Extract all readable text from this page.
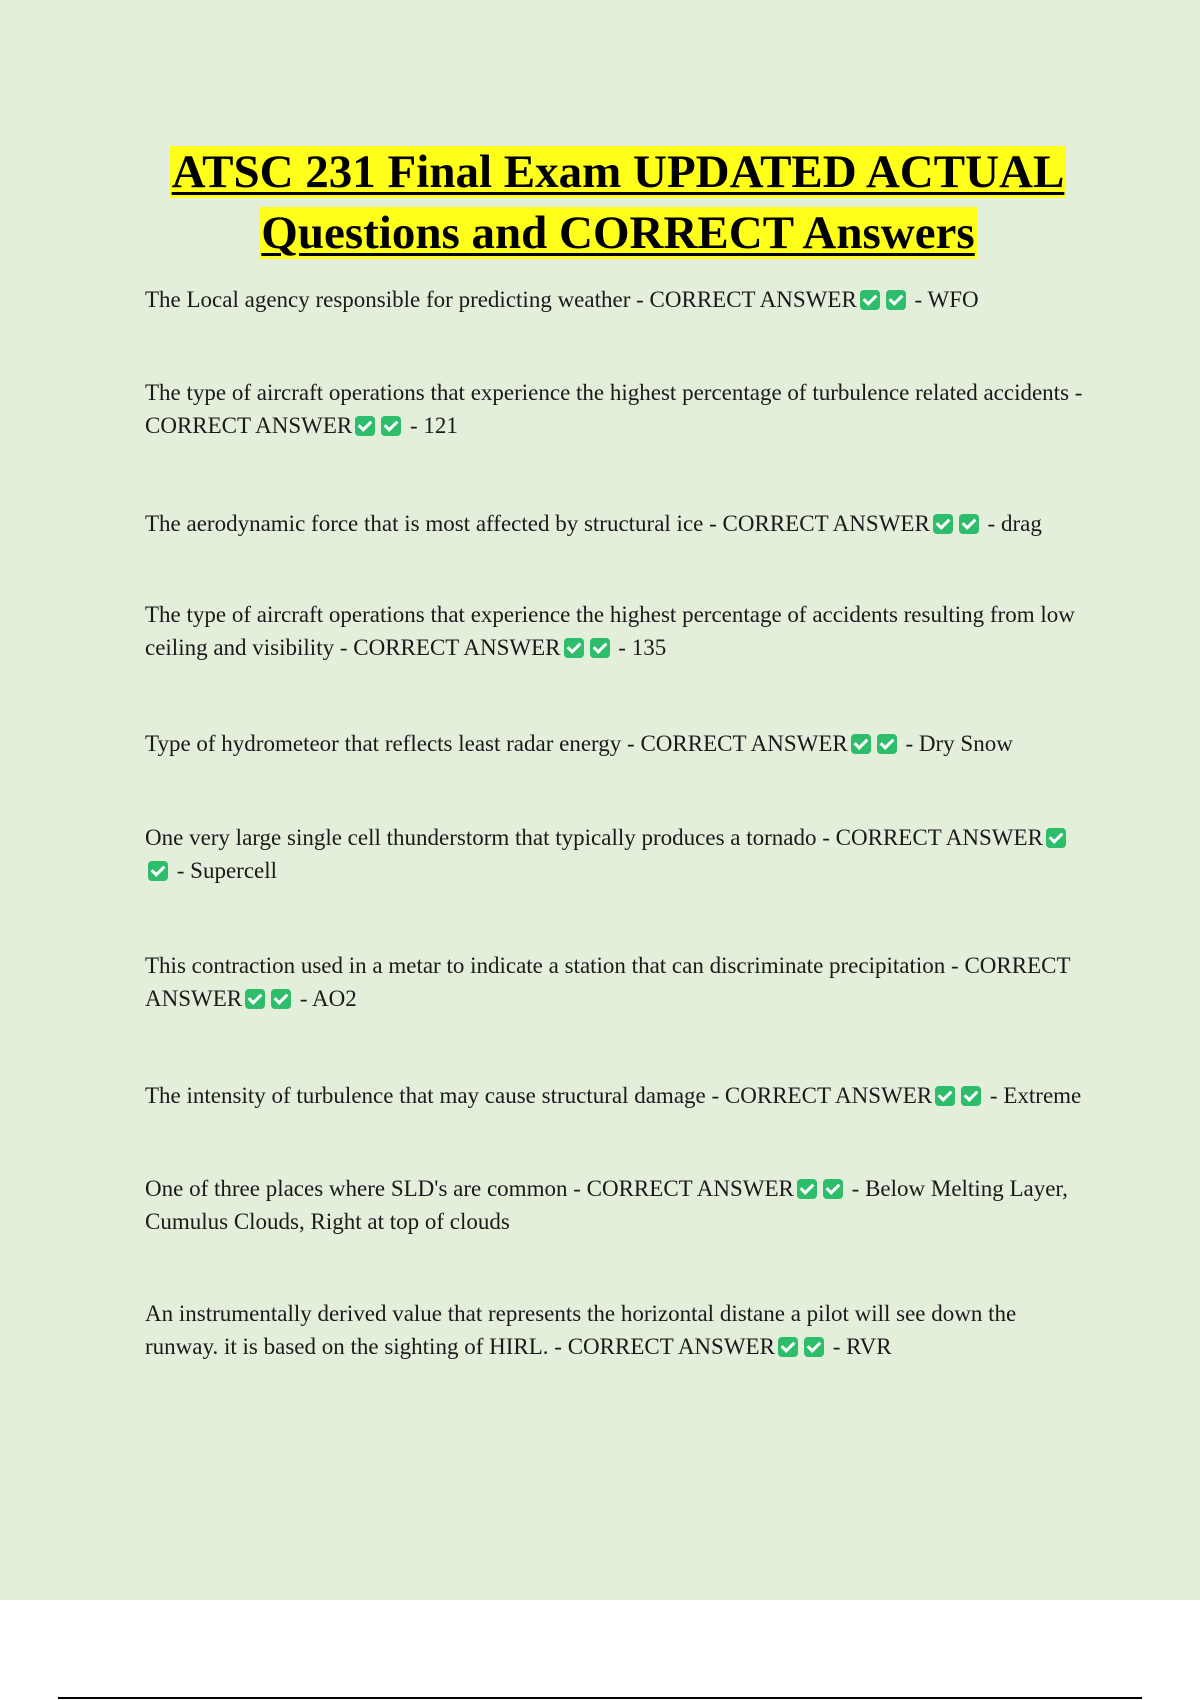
ATSC 231 Final Exam UPDATED ACTUAL
Questions and CORRECT Answers
The Local agency responsible for predicting weather - CORRECT ANSWER - WFO
The type of aircraft operations that experience the highest percentage of turbulence related accidents - CORRECT ANSWER - 121
The aerodynamic force that is most affected by structural ice - CORRECT ANSWER - drag
The type of aircraft operations that experience the highest percentage of accidents resulting from low ceiling and visibility - CORRECT ANSWER - 135
Type of hydrometeor that reflects least radar energy - CORRECT ANSWER - Dry Snow
One very large single cell thunderstorm that typically produces a tornado - CORRECT ANSWER - Supercell
This contraction used in a metar to indicate a station that can discriminate precipitation - CORRECT ANSWER - AO2
The intensity of turbulence that may cause structural damage - CORRECT ANSWER - Extreme
One of three places where SLD's are common - CORRECT ANSWER - Below Melting Layer, Cumulus Clouds, Right at top of clouds
An instrumentally derived value that represents the horizontal distane a pilot will see down the runway. it is based on the sighting of HIRL. - CORRECT ANSWER - RVR
